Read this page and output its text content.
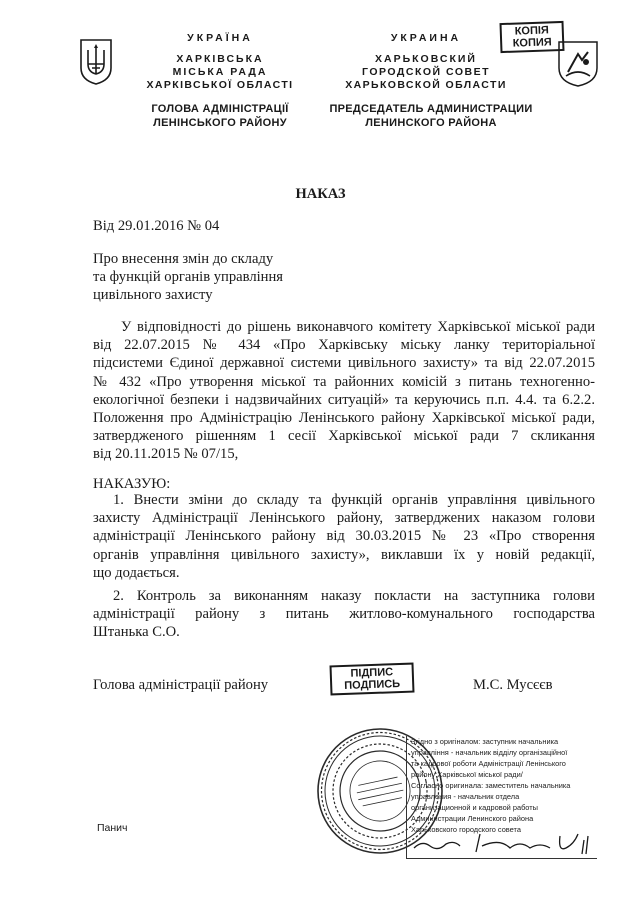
УКРАЇНА
ХАРКІВСЬКА
МІСЬКА РАДА
ХАРКІВСЬКОЇ ОБЛАСТІ
ГОЛОВА АДМІНІСТРАЦІЇ
ЛЕНІНСЬКОГО РАЙОНУ
УКРАИНА
ХАРЬКОВСКИЙ
ГОРОДСКОЙ СОВЕТ
ХАРЬКОВСКОЙ ОБЛАСТИ
ПРЕДСЕДАТЕЛЬ АДМИНИСТРАЦИИ
ЛЕНИНСКОГО РАЙОНА
КОПІЯ
КОПИЯ
НАКАЗ
Від 29.01.2016 № 04
Про внесення змін до складу
та функцій органів управління
цивільного захисту
У відповідності до рішень виконавчого комітету Харківської міської ради
від 22.07.2015 № 434 «Про Харківську міську ланку територіальної
підсистеми Єдиної державної системи цивільного захисту» та від 22.07.2015
№ 432 «Про утворення міської та районних комісій з питань техногенно-
екологічної безпеки і надзвичайних ситуацій» та керуючись п.п. 4.4. та 6.2.2.
Положення про Адміністрацію Ленінського району Харківської міської ради,
затвердженого рішенням 1 сесії Харківської міської ради 7 скликання
від 20.11.2015 № 07/15,
НАКАЗУЮ:
1. Внести зміни до складу та функцій органів управління цивільного
захисту Адміністрації Ленінського району, затверджених наказом голови
адміністрації Ленінського району від 30.03.2015 № 23 «Про створення
органів управління цивільного захисту», виклавши їх у новій редакції,
що додається.
2. Контроль за виконанням наказу покласти на заступника голови
адміністрації району з питань житлово-комунального господарства
Штанька С.О.
Голова адміністрації району
ПІДПИС
ПОДПИСЬ	М.С. Мусєєв
Згідно з оригіналом: заступник начальника
управління - начальник відділу організаційної
та кадрової роботи Адміністрації Ленінського
району Харківської міської ради/
Согласно оригинала: заместитель начальника
управления - начальник отдела
организационной и кадровой работы
Администрации Ленинского района
Харьковского городского совета
Панич
